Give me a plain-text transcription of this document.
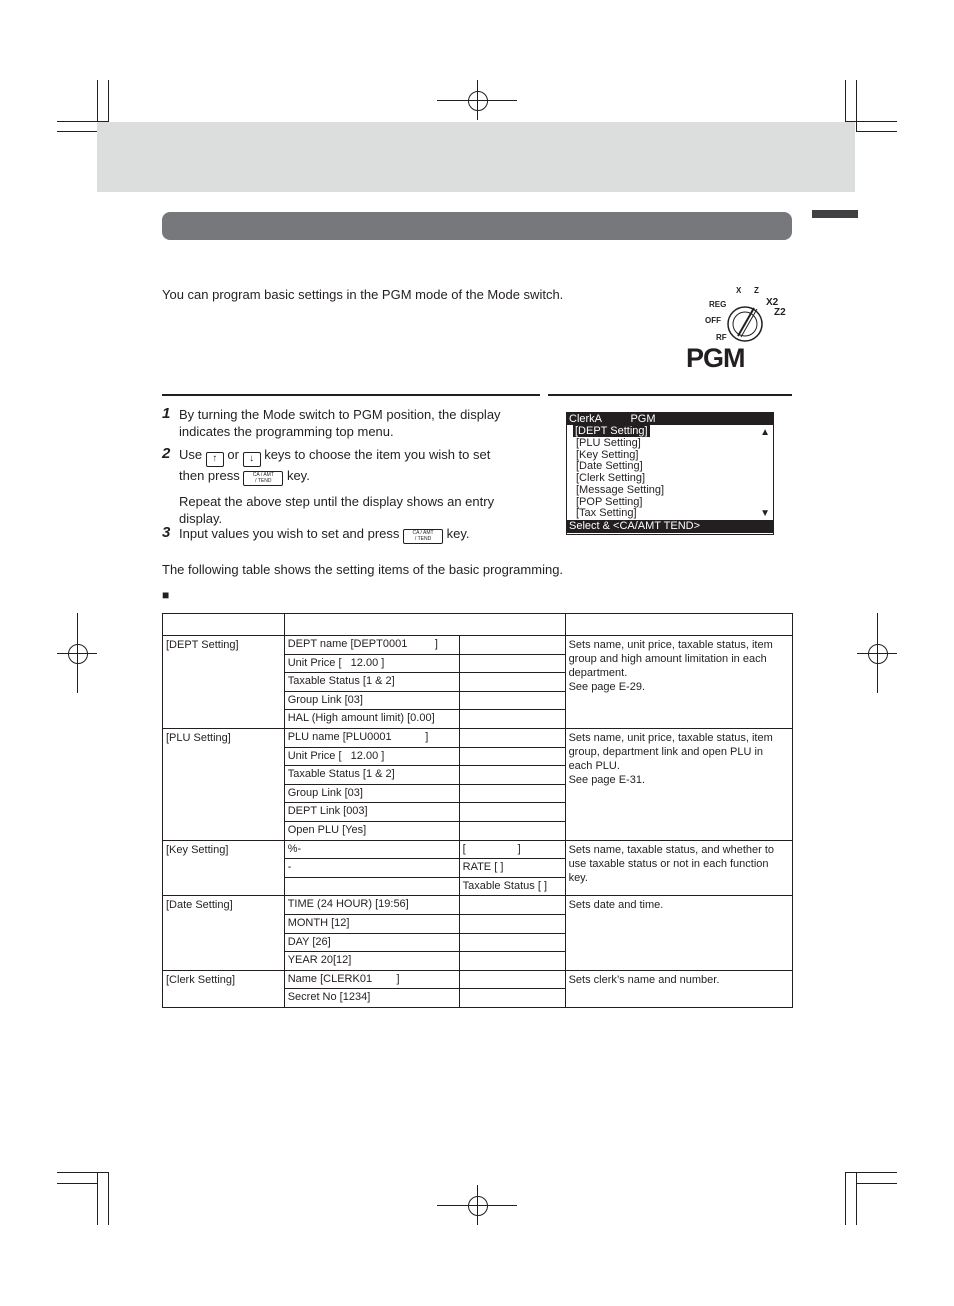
You can program basic settings in the PGM mode of the Mode switch.	X Z
X2
REG
Z2
OFF
RF
PGM
1 By turning the Mode switch to PGM position, the display
indicates the programming top menu.
2 Use ↑ or ↓ keys to choose the item you wish to set
then press	CA / AMT
/ TEND	key.
Repeat the above step until the display shows an entry
display.
3 Input values you wish to set and press	CA / AMT
/ TEND	key.
ClerkA	PGM
[DEPT Setting]
[PLU Setting]
[Key Setting]
[Date Setting]
[Clerk Setting]
[Message Setting]
[POP Setting]
[Tax Setting]
▲
▼
Select & <CA/AMT TEND>
The following table shows the setting items of the basic programming.
■

[DEPT Setting]	DEPT name [DEPT0001         ]		Sets name, unit price, taxable status, item
group and high amount limitation in each
department.
See page E-29.

	Unit Price [   12.00 ]		
	Taxable Status [1 & 2]		
	Group Link [03]		
	HAL (High amount limit) [0.00]		
[PLU Setting]	PLU name [PLU0001           ]		Sets name, unit price, taxable status, item
group, department link and open PLU in
each PLU.
See page E-31.

	Unit Price [   12.00 ]		
	Taxable Status [1 & 2]		
	Group Link [03]		
	DEPT Link [003]		
	Open PLU [Yes]		
[Key Setting]	%-	[                 ]	Sets name, taxable status, and whether to
use taxable status or not in each function
key.

	-	RATE [ ]	
		Taxable Status [ ]	
[Date Setting]	TIME (24 HOUR) [19:56]		Sets date and time.

	MONTH [12]		
	DAY [26]		
	YEAR 20[12]		
[Clerk Setting]	Name [CLERK01        ]		Sets clerk’s name and number.

	Secret No [1234]		
